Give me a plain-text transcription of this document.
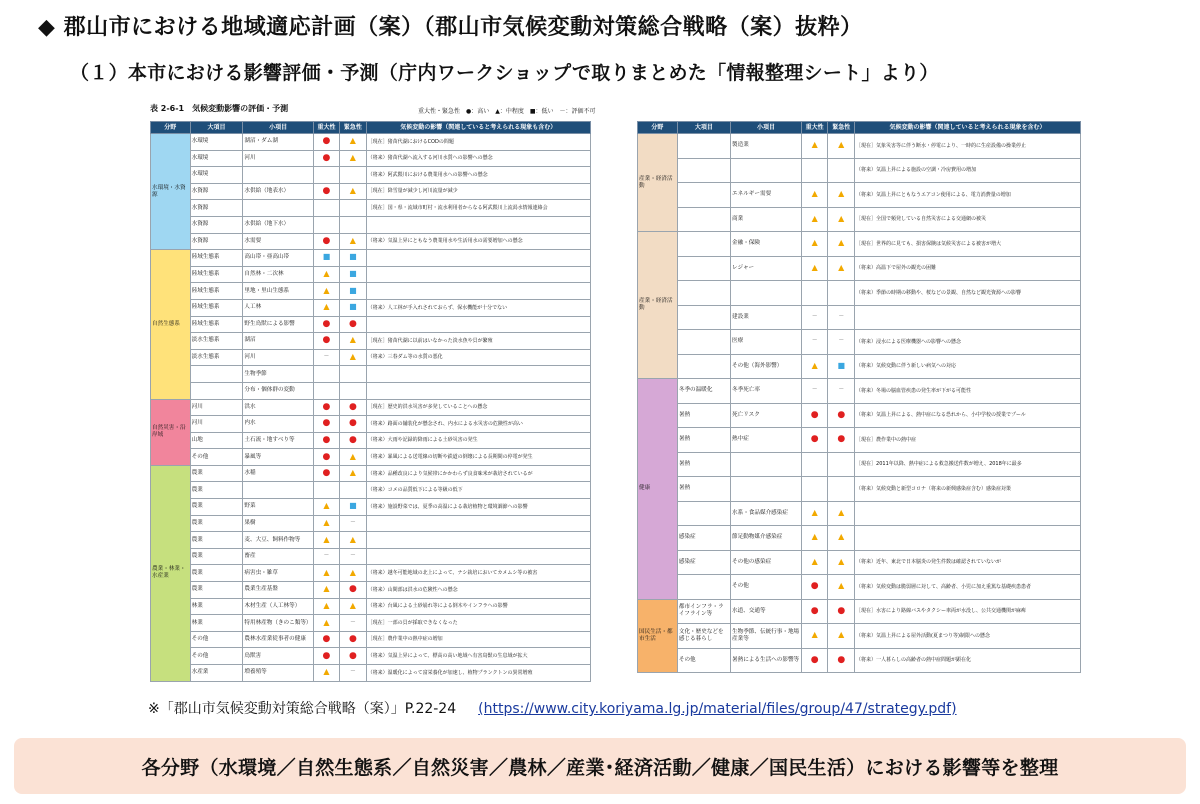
◆ 郡山市における地域適応計画（案）（郡山市気候変動対策総合戦略（案）抜粋）
（１）本市における影響評価・予測（庁内ワークショップで取りまとめた「情報整理シート」より）
表 2-6-1　気候変動影響の評価・予測	重大性・緊急性　●：高い　▲：中程度　■：低い　－：評価不可
分野	大項目	小項目	重大性	緊急性	気候変動の影響（関連していると考えられる現象も含む）
水環境・水資源	水環境	湖沼・ダム湖	●	▲	［現在］猪苗代湖におけるCODの問題
	水環境	河川	●	▲	（将来）猪苗代湖へ流入する河川水質への影響への懸念
	水環境				（将来）阿武隈川における農業用水への影響への懸念
	水資源	水供給（地表水）	●	▲	［現在］降雪量が減少し河川流量が減少
	水資源				［現在］国・県・流域市町村・流水利用者からなる阿武隈川上流渇水情報連絡会
	水資源	水供給（地下水）			
	水資源	水需要	●	▲	（将来）気温上昇にともなう農業用水や生活用水の需要増加への懸念
自然生態系	陸域生態系	高山帯・亜高山帯	■	■	
	陸域生態系	自然林・二次林	▲	■	
	陸域生態系	里地・里山生態系	▲	■	
	陸域生態系	人工林	▲	■	（将来）人工林が手入れされておらず、保水機能が十分でない
	陸域生態系	野生鳥獣による影響	●	●	
	淡水生態系	湖沼	●	▲	［現在］猪苗代湖に以前はいなかった淡水魚や貝が繁殖
	淡水生態系	河川	－	▲	（将来）三春ダム等の水質の悪化
		生物季節			
		分布・個体群の変動			
自然災害・沿岸域	河川	洪水	●	●	［現在］歴史的洪水災害が多発していることへの懸念
	河川	内水	●	●	（将来）路面の舗装化が懸念され、内水による水災害の危険性が高い
	山地	土石流・地すべり等	●	●	（将来）大雨や記録的降雨による土砂災害の発生
	その他	暴風等	●	▲	（将来）暴風による送電線の切断や鉄道の倒壊による長期間の停電が発生
農業・林業・水産業	農業	水稲	●	▲	（将来）品種改良により気候帯にかかわらず良食味米が栽培されているが
	農業				（将来）コメの品質低下による等級の低下
	農業	野菜	▲	■	（将来）施設野菜では、夏季の高温による栽培植物と環境調節への影響
	農業	果樹	▲	－	
	農業	麦、大豆、飼料作物等	▲	▲	
	農業	畜産	－	－	
	農業	病害虫・雑草	▲	▲	（将来）越冬可能地域の北上によって、ナシ栽培においてカメムシ等の被害
	農業	農業生産基盤	▲	●	（将来）山間部は洪水の危険性への懸念
	林業	木材生産（人工林等）	▲	▲	（将来）台風による土砂崩れ等による倒木やインフラへの影響
	林業	特用林産物（きのこ類等）	▲	－	［現在］一部の貝が採取できなくなった
	その他	農林水産業従事者の健康	●	●	［現在］農作業中の熱中症の増加
	その他	鳥獣害	●	●	（将来）気温上昇によって、標高の高い地域へ有害鳥獣の生息域が拡大
	水産業	増養殖等	▲	－	（将来）温暖化によって富栄養化が加速し、植物プランクトンの異常増殖
分野	大項目	小項目	重大性	緊急性	気候変動の影響（関連していると考えられる現象を含む）
産業・経済活動		製造業	▲	▲	［現在］気象災害等に伴う断水・停電により、一時的に生産設備の操業停止
					（将来）気温上昇による施設の空調・冷房費用の増加
		エネルギー需要	▲	▲	（将来）気温上昇にともなうエアコン使用による、電力消費量の増加
		商業	▲	▲	［現在］全国で頻発している自然災害による交通網の被災
産業・経済活動		金融・保険	▲	▲	［現在］世界的に見ても、損害保険は気候災害による被害が増大
		レジャー	▲	▲	（将来）高温下で屋外の観光の困難
					（将来）季節の時期の移動や、桜などの景観、自然など観光資源への影響
		建設業	－	－	
		医療	－	－	（将来）浸水による医療機器への影響への懸念
		その他（海外影響）	▲	■	（将来）気候変動に伴う新しい病気への対応
健康	冬季の温暖化	冬季死亡率	－	－	（将来）冬場の脳血管疾患の発生率が下がる可能性
	暑熱	死亡リスク	●	●	（将来）気温上昇による、熱中症になる恐れから、小中学校の授業でプール
	暑熱	熱中症	●	●	［現在］農作業中の熱中症
	暑熱				［現在］2011年以降、熱中症による救急搬送件数が増え、2018年に最多
	暑熱				（将来）気候変動と新型コロナ（将来の新興感染症含む）感染症対策
		水系・食品媒介感染症	▲	▲	
	感染症	節足動物媒介感染症	▲	▲	
	感染症	その他の感染症	▲	▲	（将来）近年、東北で日本脳炎の発生件数は確認されていないが
		その他	●	▲	（将来）気候変動は脆弱層に対して、高齢者、小児に加え重篤な基礎疾患患者
国民生活・都市生活	都市インフラ・ライフライン等	水道、交通等	●	●	［現在］水害により路線バスやタクシー車両が水没し、公共交通機関が麻痺
	文化・歴史などを感じる暮らし	生物季節、伝統行事・地場産業等	▲	▲	（将来）気温上昇による屋外活動(夏まつり等)制限への懸念
	その他	暑熱による生活への影響等	●	●	（将来）一人暮らしの高齢者の熱中症問題が顕在化
※「郡山市気候変動対策総合戦略（案）」P.22-24 (https://www.city.koriyama.lg.jp/material/files/group/47/strategy.pdf)
各分野（水環境／自然生態系／自然災害／農林／産業･経済活動／健康／国民生活）における影響等を整理
